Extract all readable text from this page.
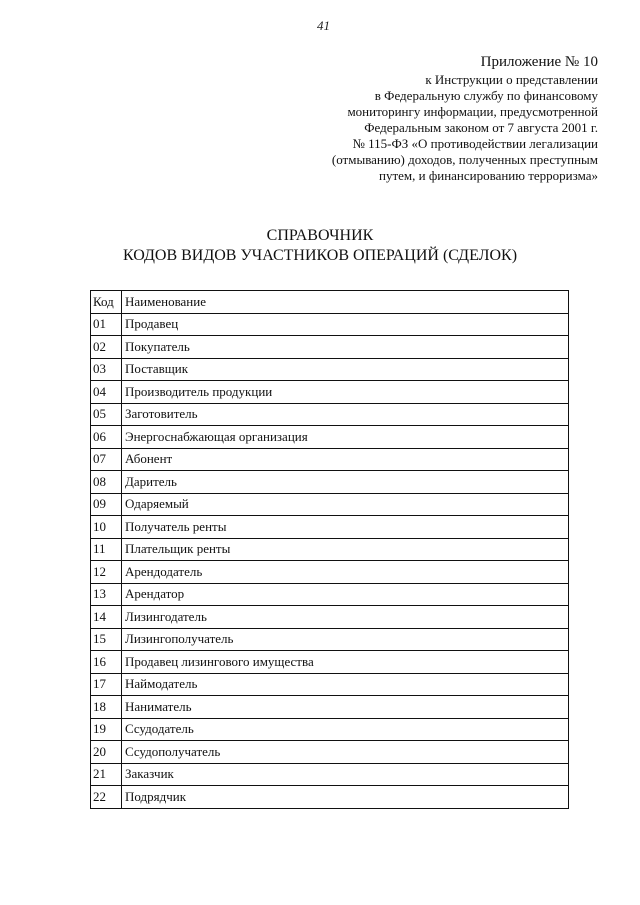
41
Приложение № 10
к Инструкции о представлении
в Федеральную службу по финансовому
мониторингу информации, предусмотренной
Федеральным законом от 7 августа 2001 г.
№ 115-ФЗ «О противодействии легализации
(отмыванию) доходов, полученных преступным
путем, и финансированию терроризма»
СПРАВОЧНИК
КОДОВ ВИДОВ УЧАСТНИКОВ ОПЕРАЦИЙ (СДЕЛОК)
Код	Наименование
01	Продавец
02	Покупатель
03	Поставщик
04	Производитель продукции
05	Заготовитель
06	Энергоснабжающая организация
07	Абонент
08	Даритель
09	Одаряемый
10	Получатель ренты
11	Плательщик ренты
12	Арендодатель
13	Арендатор
14	Лизингодатель
15	Лизингополучатель
16	Продавец лизингового имущества
17	Наймодатель
18	Наниматель
19	Ссудодатель
20	Ссудополучатель
21	Заказчик
22	Подрядчик
